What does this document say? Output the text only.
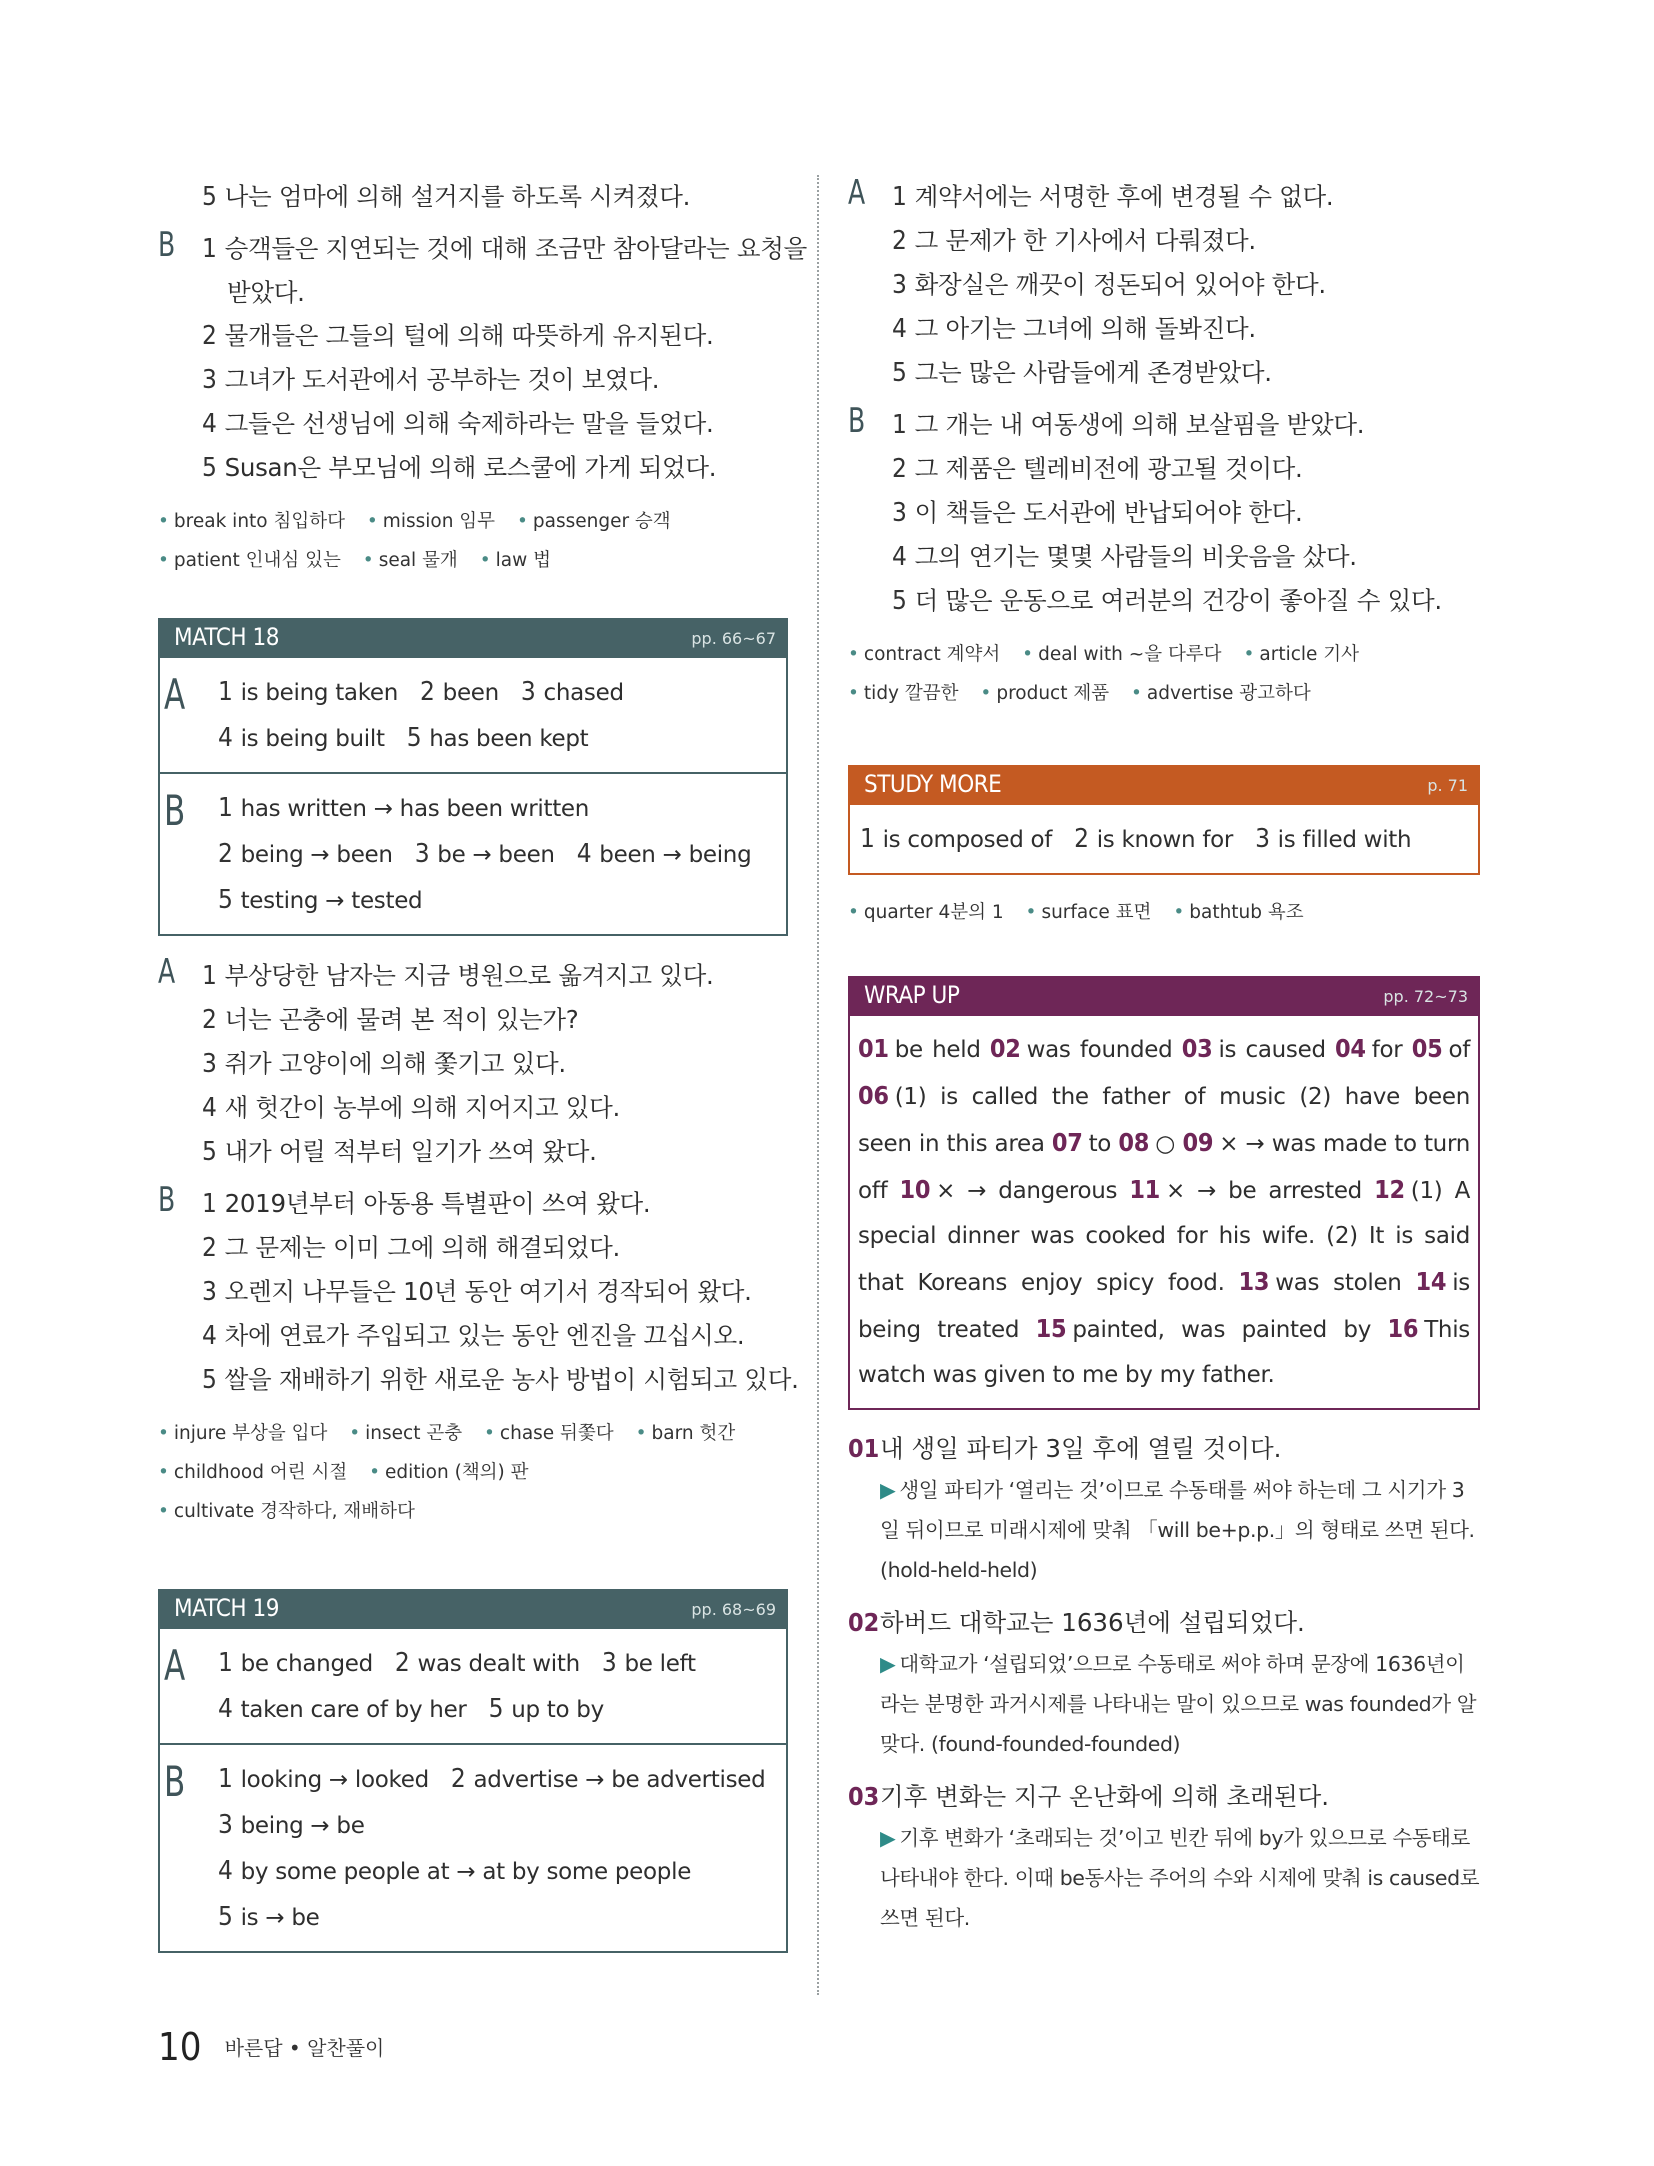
5 나는 엄마에 의해 설거지를 하도록 시켜졌다.
B 1 승객들은 지연되는 것에 대해 조금만 참아달라는 요청을
받았다.
2 물개들은 그들의 털에 의해 따뜻하게 유지된다.
3 그녀가 도서관에서 공부하는 것이 보였다.
4 그들은 선생님에 의해 숙제하라는 말을 들었다.
5 Susan은 부모님에 의해 로스쿨에 가게 되었다.
• break into 침입하다 • mission 임무 • passenger 승객 • patient 인내심 있는 • seal 물개 • law 법
MATCH 18	pp. 66~67
A 1 is being taken 2 been 3 chased
4 is being built 5 has been kept
B 1 has written → has been written
2 being → been 3 be → been 4 been → being
5 testing → tested
A 1 부상당한 남자는 지금 병원으로 옮겨지고 있다.
2 너는 곤충에 물려 본 적이 있는가?
3 쥐가 고양이에 의해 쫓기고 있다.
4 새 헛간이 농부에 의해 지어지고 있다.
5 내가 어릴 적부터 일기가 쓰여 왔다.
B 1 2019년부터 아동용 특별판이 쓰여 왔다.
2 그 문제는 이미 그에 의해 해결되었다.
3 오렌지 나무들은 10년 동안 여기서 경작되어 왔다.
4 차에 연료가 주입되고 있는 동안 엔진을 끄십시오.
5 쌀을 재배하기 위한 새로운 농사 방법이 시험되고 있다.
• injure 부상을 입다 • insect 곤충 • chase 뒤쫓다 • barn 헛간 • childhood 어린 시절 • edition (책의) 판 • cultivate 경작하다, 재배하다
MATCH 19	pp. 68~69
A 1 be changed 2 was dealt with 3 be left
4 taken care of by her 5 up to by
B 1 looking → looked 2 advertise → be advertised
3 being → be
4 by some people at → at by some people
5 is → be
A 1 계약서에는 서명한 후에 변경될 수 없다.
2 그 문제가 한 기사에서 다뤄졌다.
3 화장실은 깨끗이 정돈되어 있어야 한다.
4 그 아기는 그녀에 의해 돌봐진다.
5 그는 많은 사람들에게 존경받았다.
B 1 그 개는 내 여동생에 의해 보살핌을 받았다.
2 그 제품은 텔레비전에 광고될 것이다.
3 이 책들은 도서관에 반납되어야 한다.
4 그의 연기는 몇몇 사람들의 비웃음을 샀다.
5 더 많은 운동으로 여러분의 건강이 좋아질 수 있다.
• contract 계약서 • deal with ~을 다루다 • article 기사 • tidy 깔끔한 • product 제품 • advertise 광고하다
STUDY MORE	p. 71
1 is composed of 2 is known for 3 is filled with
• quarter 4분의 1 • surface 표면 • bathtub 욕조
WRAP UP	pp. 72~73
01 be held 02 was founded 03 is caused 04 for 05 of 06 (1) is called the father of music (2) have been seen in this area 07 to 08 ○ 09 × → was made to turn off 10 × → dangerous 11 × → be arrested 12 (1) A special dinner was cooked for his wife. (2) It is said that Koreans enjoy spicy food. 13 was stolen 14 is being treated 15 painted, was painted by 16 This watch was given to me by my father.
01 내 생일 파티가 3일 후에 열릴 것이다.
▶ 생일 파티가 ‘열리는 것’이므로 수동태를 써야 하는데 그 시기가 3일 뒤이므로 미래시제에 맞춰 「will be+p.p.」의 형태로 쓰면 된다. (hold-held-held)
02 하버드 대학교는 1636년에 설립되었다.
▶ 대학교가 ‘설립되었’으므로 수동태로 써야 하며 문장에 1636년이라는 분명한 과거시제를 나타내는 말이 있으므로 was founded가 알맞다. (found-founded-founded)
03 기후 변화는 지구 온난화에 의해 초래된다.
▶ 기후 변화가 ‘초래되는 것’이고 빈칸 뒤에 by가 있으므로 수동태로 나타내야 한다. 이때 be동사는 주어의 수와 시제에 맞춰 is caused로 쓰면 된다.
10 바른답 • 알찬풀이
